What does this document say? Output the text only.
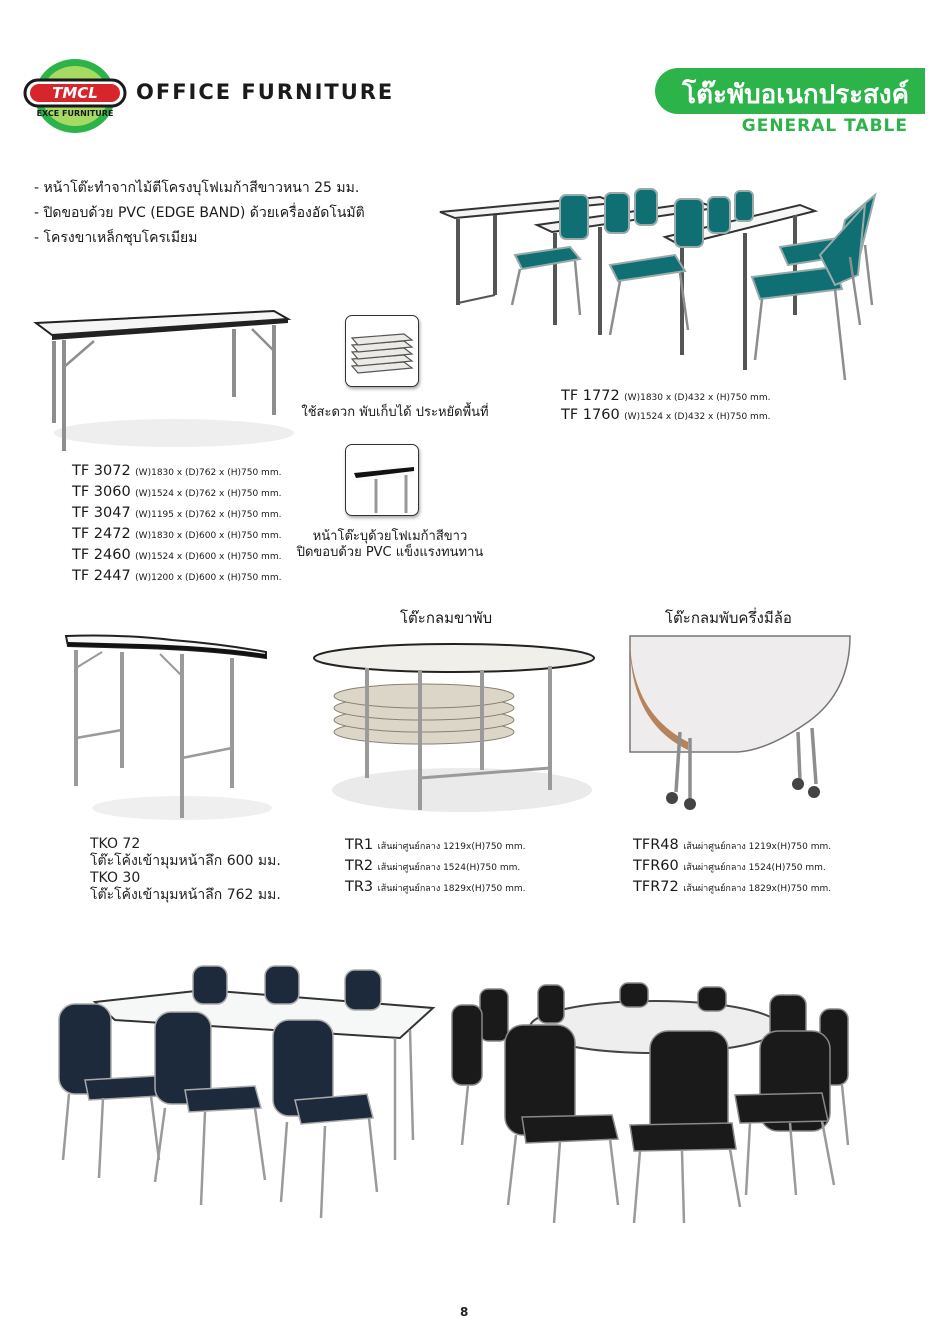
TMCL
EXCE FURNITURE
OFFICE FURNITURE	โต๊ะพับอเนกประสงค์
GENERAL TABLE
- หน้าโต๊ะทำจากไม้ตีโครงบุโฟเมก้าสีขาวหนา 25 มม.
- ปิดขอบด้วย PVC (EDGE BAND) ด้วยเครื่องอัดโนมัติ
- โครงขาเหล็กชุบโครเมียม
TF 1772 (W)1830 x (D)432 x (H)750 mm.
TF 1760 (W)1524 x (D)432 x (H)750 mm.
TF 3072 (W)1830 x (D)762 x (H)750 mm.
TF 3060 (W)1524 x (D)762 x (H)750 mm.
TF 3047 (W)1195 x (D)762 x (H)750 mm.
TF 2472 (W)1830 x (D)600 x (H)750 mm.
TF 2460 (W)1524 x (D)600 x (H)750 mm.
TF 2447 (W)1200 x (D)600 x (H)750 mm.
ใช้สะดวก พับเก็บได้ ประหยัดพื้นที่
หน้าโต๊ะบุด้วยโฟเมก้าสีขาว
ปิดขอบด้วย PVC แข็งแรงทนทาน
TKO 72
โต๊ะโค้งเข้ามุมหน้าลึก 600 มม.
TKO 30
โต๊ะโค้งเข้ามุมหน้าลึก 762 มม.
โต๊ะกลมขาพับ
TR1 เส้นผ่าศูนย์กลาง 1219x(H)750 mm.
TR2 เส้นผ่าศูนย์กลาง 1524(H)750 mm.
TR3 เส้นผ่าศูนย์กลาง 1829x(H)750 mm.
โต๊ะกลมพับครึ่งมีล้อ
TFR48 เส้นผ่าศูนย์กลาง 1219x(H)750 mm.
TFR60 เส้นผ่าศูนย์กลาง 1524(H)750 mm.
TFR72 เส้นผ่าศูนย์กลาง 1829x(H)750 mm.
8
